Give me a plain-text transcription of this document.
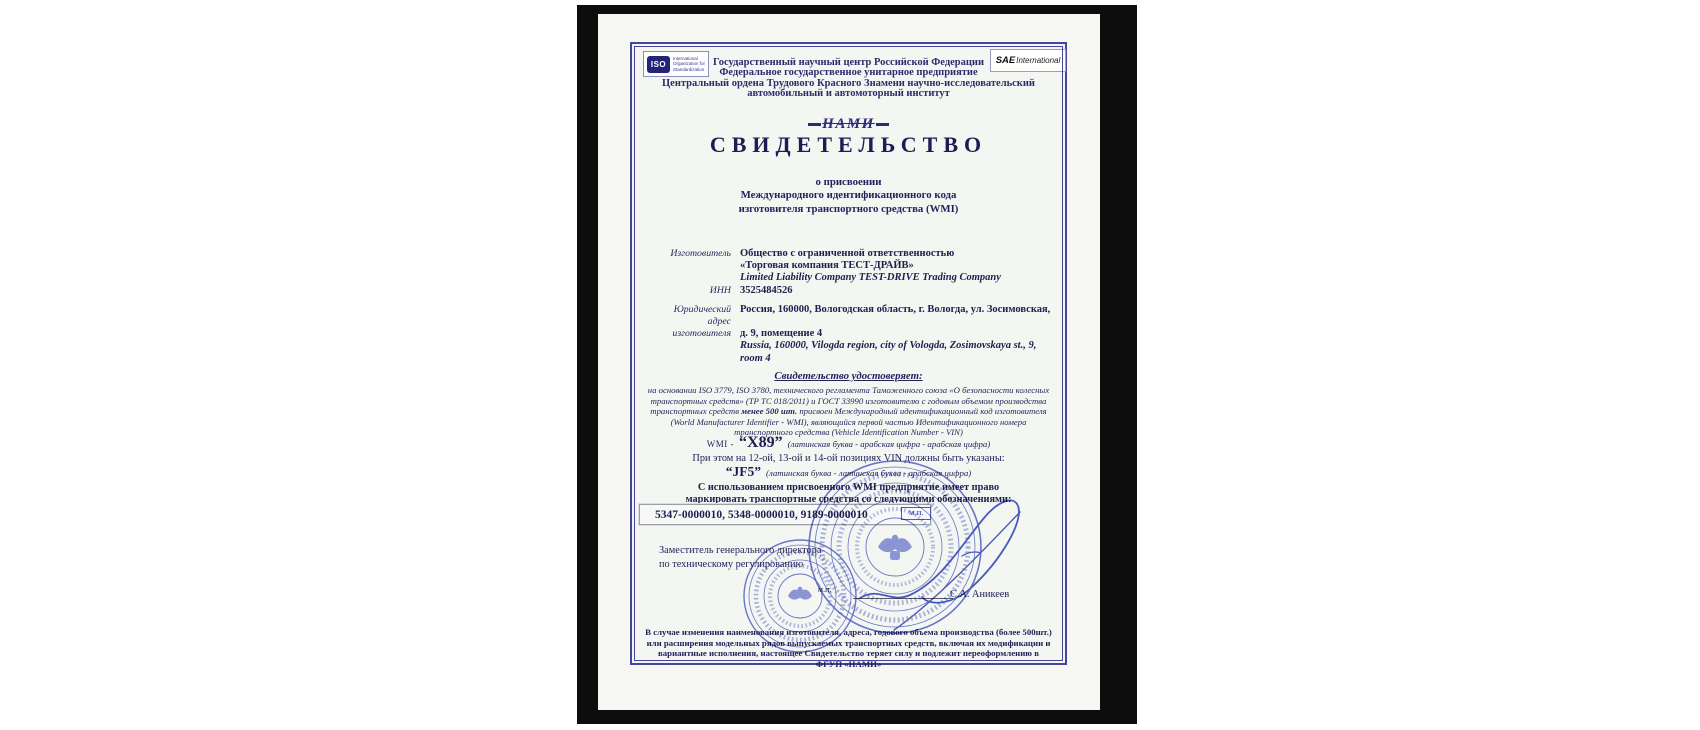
ISO
International
Organization for
Standardization
SAE International
Государственный научный центр Российской Федерации
Федеральное государственное унитарное предприятие
Центральный ордена Трудового Красного Знамени научно-исследовательский
автомобильный и автомоторный институт
НАМИ
СВИДЕТЕЛЬСТВО
о присвоении
Международного идентификационного кода
изготовителя транспортного средства (WMI)
Изготовитель Общество с ограниченной ответственностью
«Торговая компания ТЕСТ-ДРАЙВ»
Limited Liability Company TEST-DRIVE Trading Company
ИНН 3525484526
Юридический адрес
Россия, 160000, Вологодская область, г. Вологда, ул. Зосимовская,
изготовителя д. 9, помещение 4
Russia, 160000, Vilogda region, city of Vologda, Zosimovskaya st., 9, room 4
Свидетельство удостоверяет:
на основании ISO 3779, ISO 3780, технического регламента Таможенного союза «О безопасности колесных
транспортных средств» (ТР ТС 018/2011) и ГОСТ 33990 изготовителю с годовым объемом производства
транспортных средств менее 500 шт. присвоен Международный идентификационный код изготовителя
(World Manufacturer Identifier - WMI), являющийся первой частью Идентификационного номера
транспортного средства (Vehicle Identification Number - VIN)
WMI - “X89” (латинская буква - арабская цифра - арабская цифра)
При этом на 12-ой, 13-ой и 14-ой позициях VIN должны быть указаны:
“JF5” (латинская буква - латинская буква - арабская цифра)
С использованием присвоенного WMI предприятие имеет право
маркировать транспортные средства со следующими обозначениями:
5347-0000010, 5348-0000010, 9189-0000010	М.П.
Заместитель генерального директора
по техническому регулированию
м.п.	С.А. Аникеев
В случае изменения наименования изготовителя, адреса, годового объема производства (более 500шт.)
или расширения модельных рядов выпускаемых транспортных средств, включая их модификации и
вариантные исполнения, настоящее Свидетельство теряет силу и подлежит переоформлению в
ФГУП «НАМИ»
